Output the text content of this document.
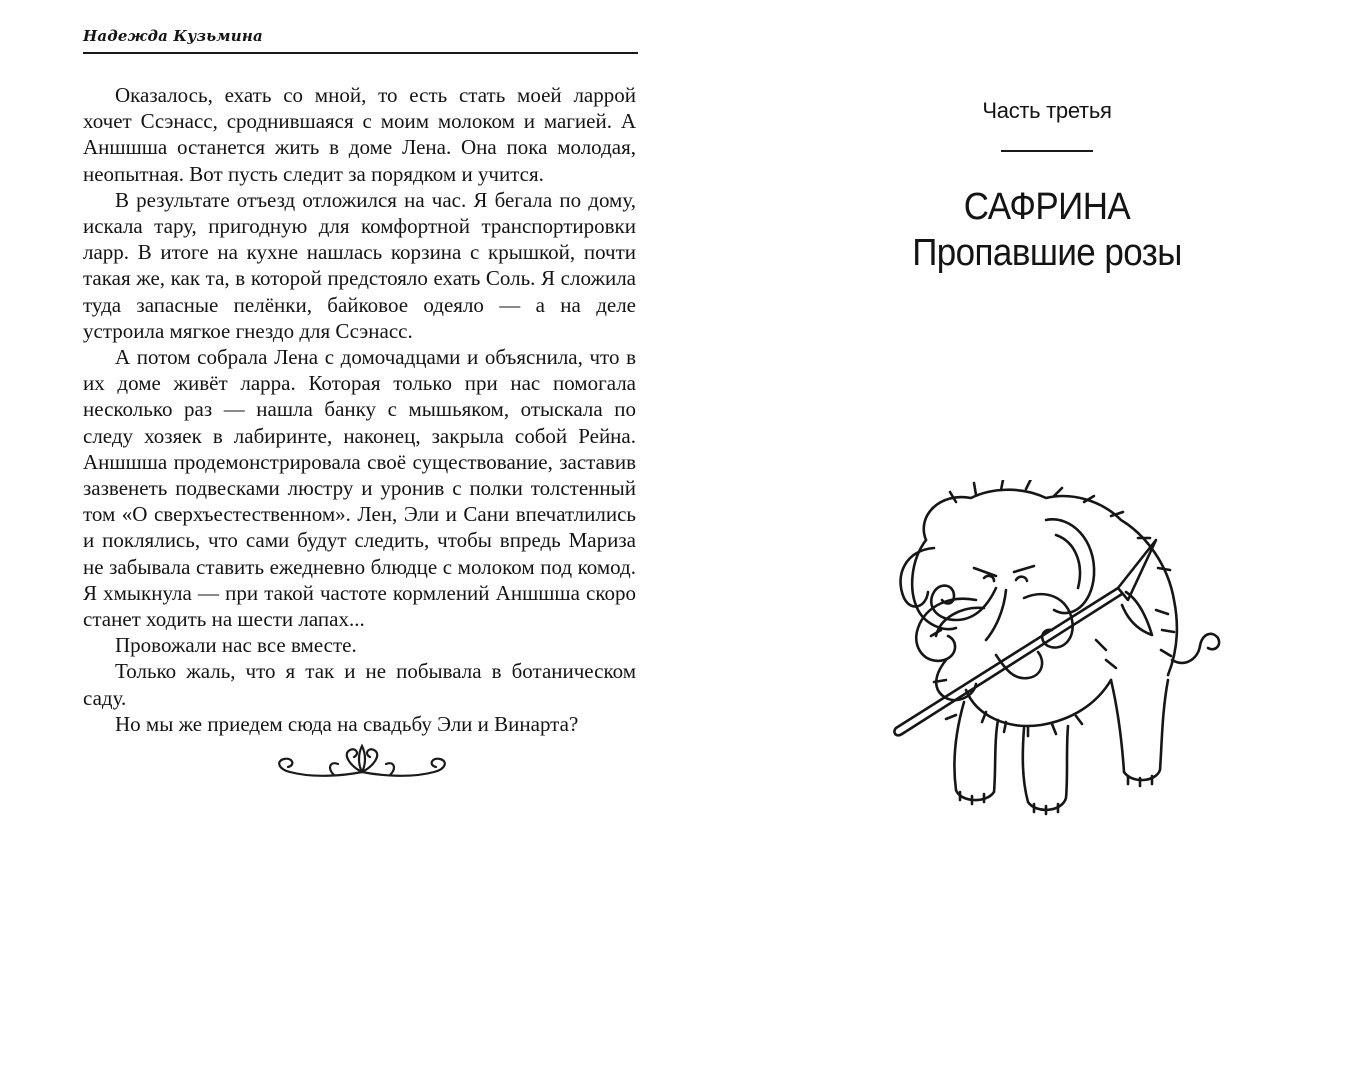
Надежда Кузьмина

Оказалось, ехать со мной, то есть стать моей ларрой хочет Ссэнасс, сроднившаяся с моим молоком и магией. А Аншшша останется жить в доме Лена. Она пока молодая, неопытная. Вот пусть следит за порядком и учится.

В результате отъезд отложился на час. Я бегала по дому, искала тару, пригодную для комфортной транспортировки ларр. В итоге на кухне нашлась корзина с крышкой, почти такая же, как та, в которой предстояло ехать Соль. Я сложила туда запасные пелёнки, байковое одеяло — а на деле устроила мягкое гнездо для Ссэнасс.

А потом собрала Лена с домочадцами и объяснила, что в их доме живёт ларра. Которая только при нас помогала несколько раз — нашла банку с мышьяком, отыскала по следу хозяек в лабиринте, наконец, закрыла собой Рейна. Аншшша продемонстрировала своё существование, заставив зазвенеть подвесками люстру и уронив с полки толстенный том «О сверхъестественном». Лен, Эли и Сани впечатлились и поклялись, что сами будут следить, чтобы впредь Мариза не забывала ставить ежедневно блюдце с молоком под комод. Я хмыкнула — при такой частоте кормлений Аншшша скоро станет ходить на шести лапах...

Провожали нас все вместе.

Только жаль, что я так и не побывала в ботаническом саду.

Но мы же приедем сюда на свадьбу Эли и Винарта?

Часть третья
САФРИНА
Пропавшие розы
